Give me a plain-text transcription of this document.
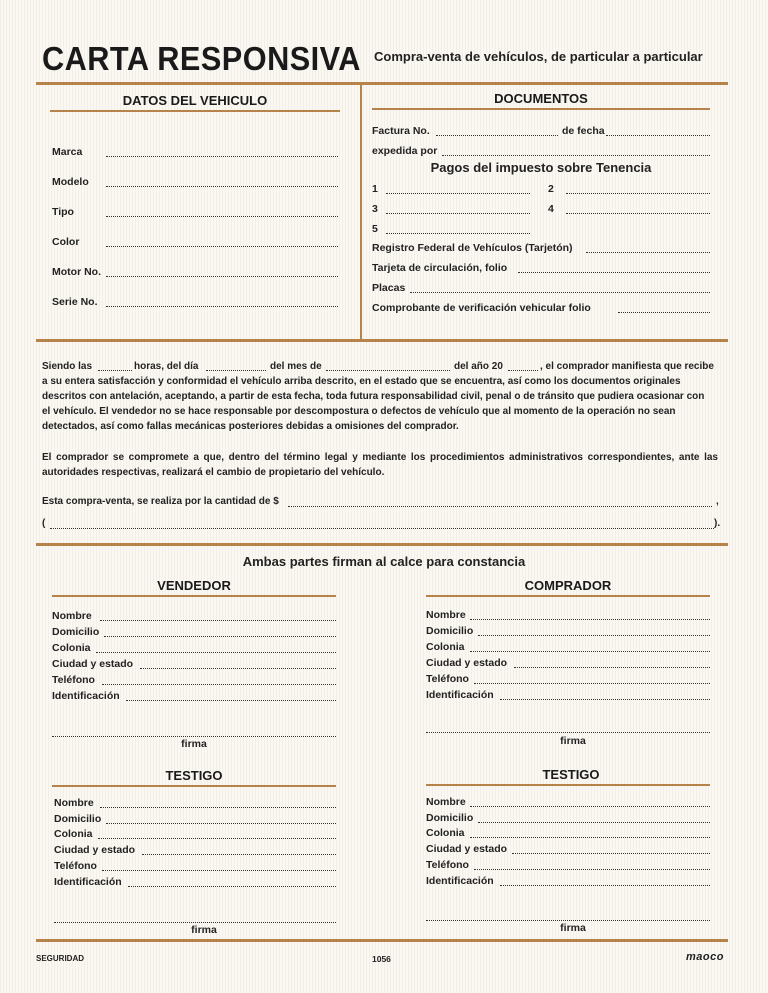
CARTA RESPONSIVA Compra-venta de vehículos, de particular a particular
DATOS DEL VEHICULO
Marca
Modelo
Tipo
Color
Motor No.
Serie No.
DOCUMENTOS
Factura No.	de fecha
expedida por
Pagos del impuesto sobre Tenencia
1	2
3	4
5
Registro Federal de Vehículos (Tarjetón)
Tarjeta de circulación, folio
Placas
Comprobante de verificación vehicular folio
Siendo las	horas, del día	del mes de	del año 20	, el comprador manifiesta que recibe
a su entera satisfacción y conformidad el vehículo arriba descrito, en el estado que se encuentra, así como los documentos originales
descritos con antelación, aceptando, a partir de esta fecha, toda futura responsabilidad civil, penal o de tránsito que pudiera ocasionar con
el vehículo. El vendedor no se hace responsable por descompostura o defectos de vehículo que al momento de la operación no sean
detectados, así como fallas mecánicas posteriores debidas a omisiones del comprador.
El comprador se compromete a que, dentro del término legal y mediante los procedimientos administrativos correspondientes, ante las autoridades respectivas, realizará el cambio de propietario del vehículo.
Esta compra-venta, se realiza por la cantidad de $	,
(	).
Ambas partes firman al calce para constancia
VENDEDOR
Nombre
Domicilio
Colonia
Ciudad y estado
Teléfono
Identificación
firma
COMPRADOR
Nombre
Domicilio
Colonia
Ciudad y estado
Teléfono
Identificación
firma
TESTIGO
Nombre
Domicilio
Colonia
Ciudad y estado
Teléfono
Identificación
firma
TESTIGO
Nombre
Domicilio
Colonia
Ciudad y estado
Teléfono
Identificación
firma
SEGURIDAD	1056	maoco
